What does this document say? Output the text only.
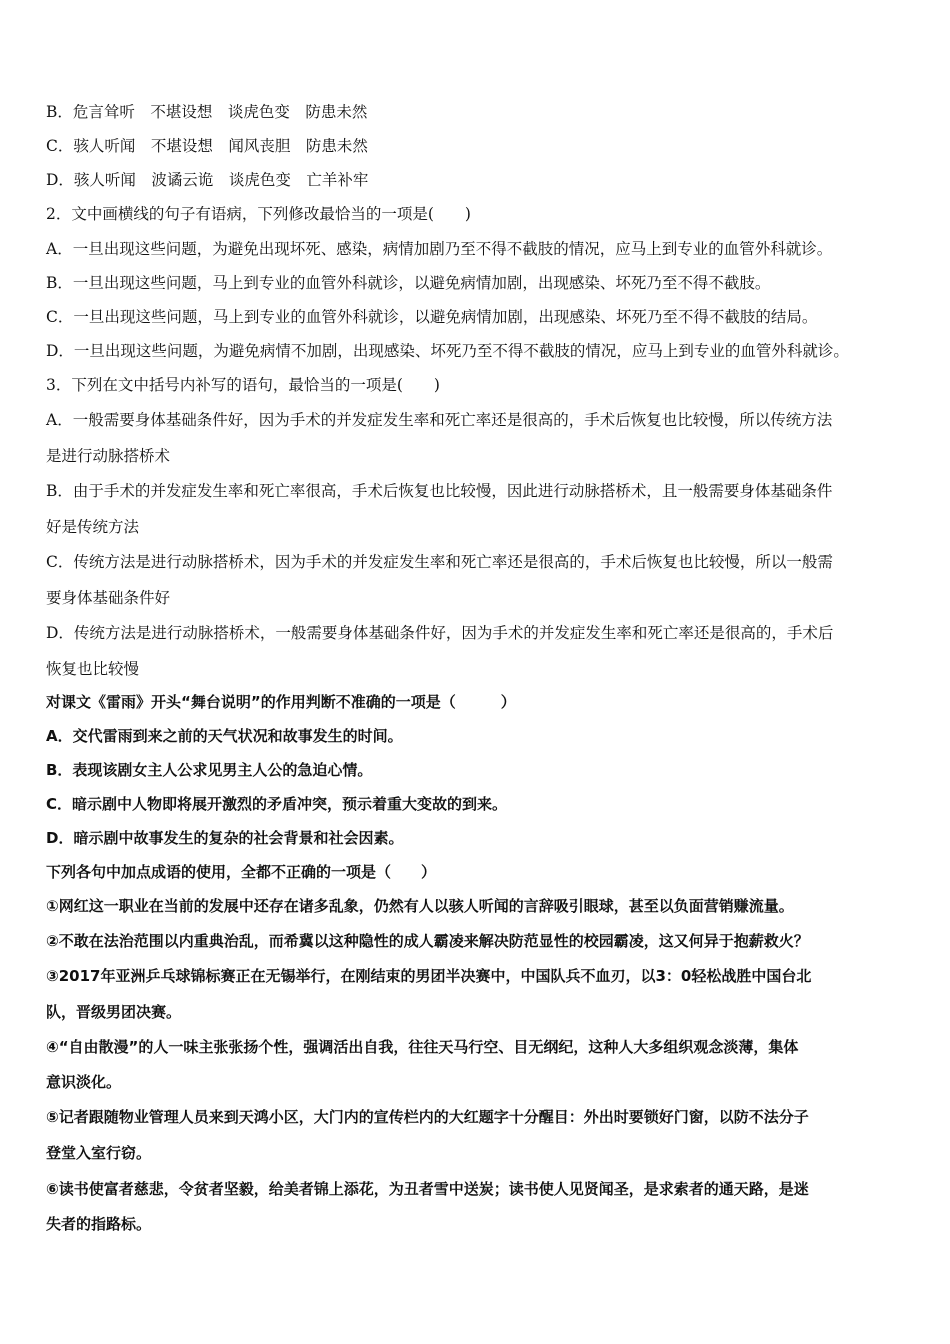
B．危言耸听　不堪设想　谈虎色变　防患未然
C．骇人听闻　不堪设想　闻风丧胆　防患未然
D．骇人听闻　波谲云诡　谈虎色变　亡羊补牢
2．文中画横线的句子有语病，下列修改最恰当的一项是(　　)
A．一旦出现这些问题，为避免出现坏死、感染，病情加剧乃至不得不截肢的情况，应马上到专业的血管外科就诊。
B．一旦出现这些问题，马上到专业的血管外科就诊，以避免病情加剧，出现感染、坏死乃至不得不截肢。
C．一旦出现这些问题，马上到专业的血管外科就诊，以避免病情加剧，出现感染、坏死乃至不得不截肢的结局。
D．一旦出现这些问题，为避免病情不加剧，出现感染、坏死乃至不得不截肢的情况，应马上到专业的血管外科就诊。
3．下列在文中括号内补写的语句，最恰当的一项是(　　)
A．一般需要身体基础条件好，因为手术的并发症发生率和死亡率还是很高的，手术后恢复也比较慢，所以传统方法
是进行动脉搭桥术
B．由于手术的并发症发生率和死亡率很高，手术后恢复也比较慢，因此进行动脉搭桥术，且一般需要身体基础条件
好是传统方法
C．传统方法是进行动脉搭桥术，因为手术的并发症发生率和死亡率还是很高的，手术后恢复也比较慢，所以一般需
要身体基础条件好
D．传统方法是进行动脉搭桥术，一般需要身体基础条件好，因为手术的并发症发生率和死亡率还是很高的，手术后
恢复也比较慢
对课文《雷雨》开头“舞台说明”的作用判断不准确的一项是（　　　）
A．交代雷雨到来之前的天气状况和故事发生的时间。
B．表现该剧女主人公求见男主人公的急迫心情。
C．暗示剧中人物即将展开激烈的矛盾冲突，预示着重大变故的到来。
D．暗示剧中故事发生的复杂的社会背景和社会因素。
下列各句中加点成语的使用，全都不正确的一项是（　　）
①网红这一职业在当前的发展中还存在诸多乱象，仍然有人以骇人听闻的言辞吸引眼球，甚至以负面营销赚流量。
②不敢在法治范围以内重典治乱，而希冀以这种隐性的成人霸凌来解决防范显性的校园霸凌，这又何异于抱薪救火？
③2017年亚洲乒乓球锦标赛正在无锡举行，在刚结束的男团半决赛中，中国队兵不血刃，以3：0轻松战胜中国台北
队，晋级男团决赛。
④“自由散漫”的人一味主张张扬个性，强调活出自我，往往天马行空、目无纲纪，这种人大多组织观念淡薄，集体
意识淡化。
⑤记者跟随物业管理人员来到天鸿小区，大门内的宣传栏内的大红题字十分醒目：外出时要锁好门窗，以防不法分子
登堂入室行窃。
⑥读书使富者慈悲，令贫者坚毅，给美者锦上添花，为丑者雪中送炭；读书使人见贤闻圣，是求索者的通天路，是迷
失者的指路标。
